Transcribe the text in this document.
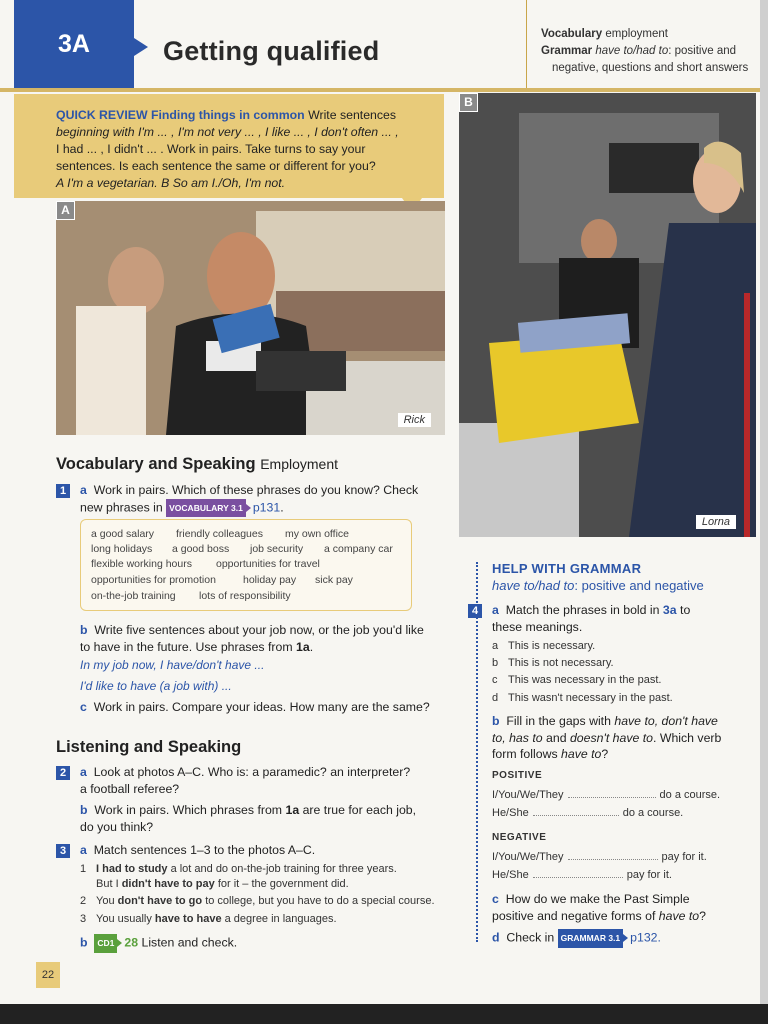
3A	Getting qualified
Vocabulary employment
Grammar have to/had to: positive and
negative, questions and short answers
QUICK REVIEW Finding things in common Write sentences
beginning with I'm ... , I'm not very ... , I like ... , I don't often ... ,
I had ... , I didn't ... . Work in pairs. Take turns to say your
sentences. Is each sentence the same or different for you?
A I'm a vegetarian. B So am I./Oh, I'm not.
A
Rick
B
Lorna
Vocabulary and Speaking Employment
1	a Work in pairs. Which of these phrases do you know? Check
new phrases in VOCABULARY 3.1 p131.
a good salary friendly colleagues my own office
long holidays a good boss job security a company car
flexible working hours opportunities for travel
opportunities for promotion	holiday pay sick pay
on-the-job training lots of responsibility
b Write five sentences about your job now, or the job you'd like
to have in the future. Use phrases from 1a.
In my job now, I have/don't have ...
I'd like to have (a job with) ...
c Work in pairs. Compare your ideas. How many are the same?
Listening and Speaking
2	a Look at photos A–C. Who is: a paramedic? an interpreter?
a football referee?
b Work in pairs. Which phrases from 1a are true for each job,
do you think?
3	a Match sentences 1–3 to the photos A–C.
1 I had to study a lot and do on-the-job training for three years.
But I didn't have to pay for it – the government did.
2 You don't have to go to college, but you have to do a special course.
3 You usually have to have a degree in languages.
b CD1 28 Listen and check.
HELP WITH GRAMMAR
have to/had to: positive and negative
4	a Match the phrases in bold in 3a to
these meanings.
a This is necessary.
b This is not necessary.
c This was necessary in the past.
d This wasn't necessary in the past.
b Fill in the gaps with have to, don't have
to, has to and doesn't have to. Which verb
form follows have to?
POSITIVE
I/You/We/They	do a course.
He/She	do a course.
NEGATIVE
I/You/We/They	pay for it.
He/She	pay for it.
c How do we make the Past Simple
positive and negative forms of have to?
d Check in GRAMMAR 3.1 p132.
22
